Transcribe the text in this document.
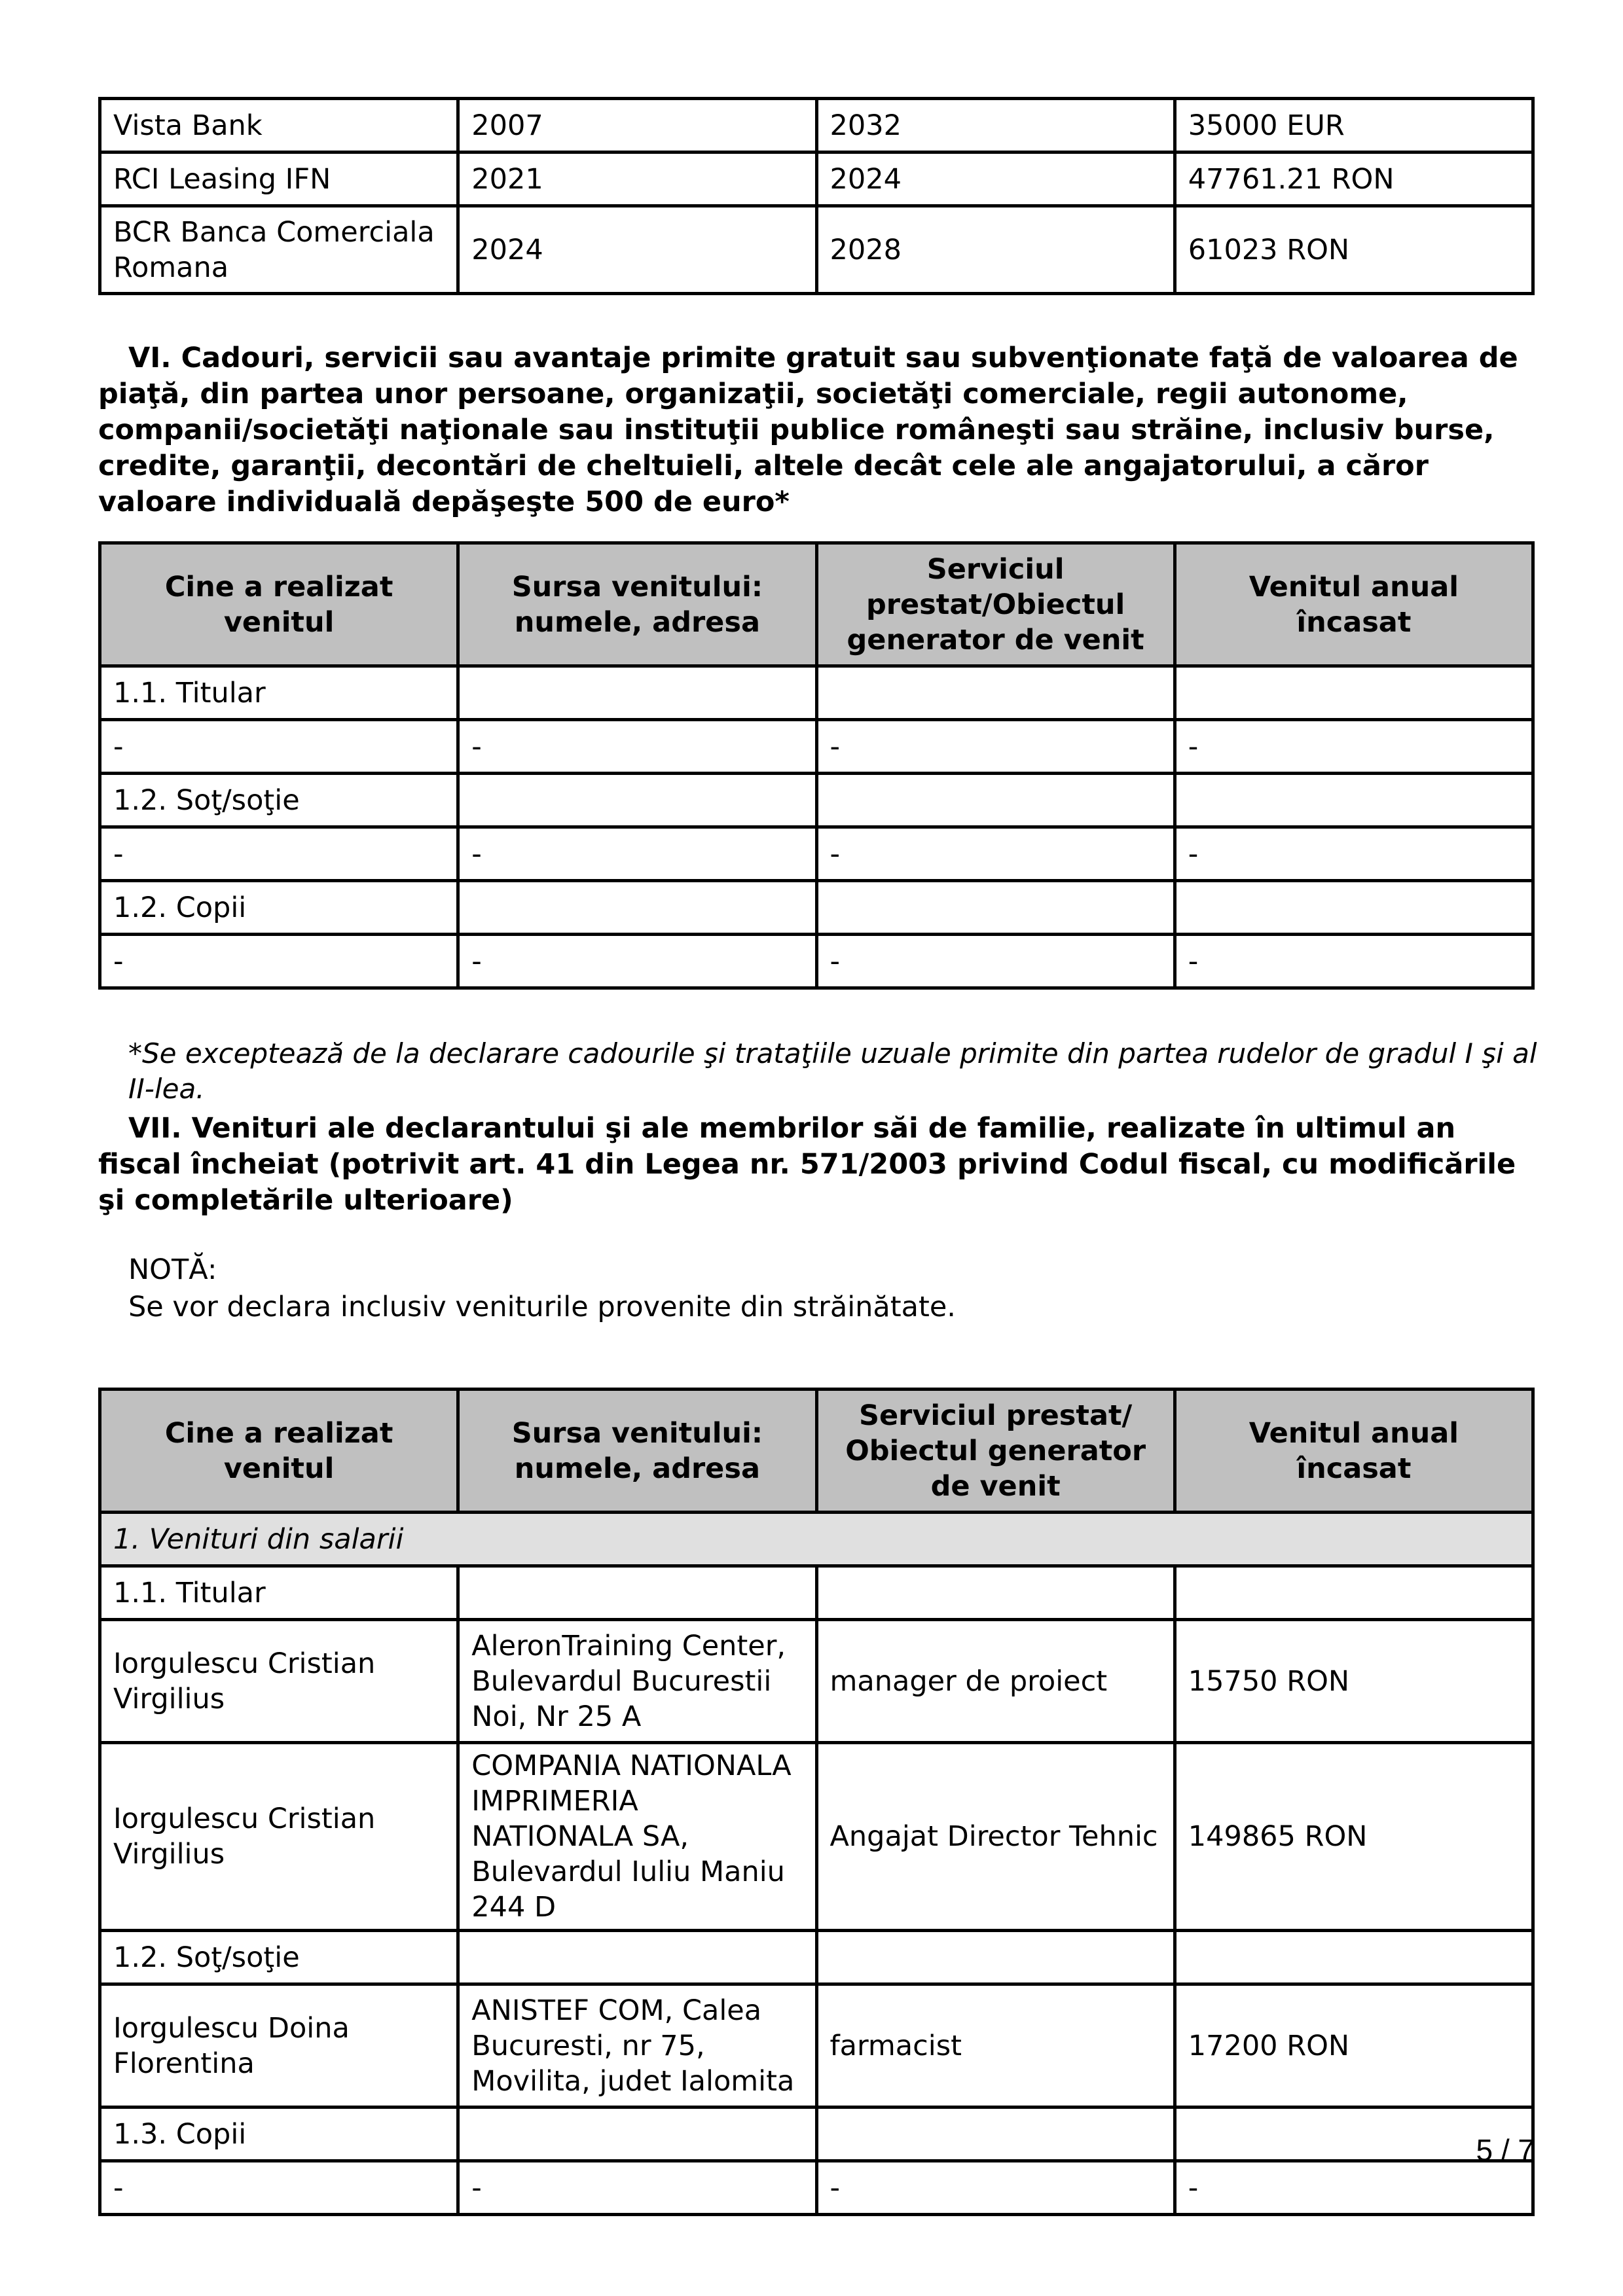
Vista Bank	2007	2032	35000 EUR
RCI Leasing IFN	2021	2024	47761.21 RON
BCR Banca Comerciala Romana	2024	2028	61023 RON

VI. Cadouri, servicii sau avantaje primite gratuit sau subvenţionate faţă de valoarea de piaţă, din partea unor persoane, organizaţii, societăţi comerciale, regii autonome, companii/societăţi naţionale sau instituţii publice româneşti sau străine, inclusiv burse, credite, garanţii, decontări de cheltuieli, altele decât cele ale angajatorului, a căror valoare individuală depăşeşte 500 de euro*

Cine a realizat venitul	Sursa venitului: numele, adresa	Serviciul prestat/Obiectul generator de venit	Venitul anual încasat
1.1. Titular			
-	-	-	-
1.2. Soţ/soţie			
-	-	-	-
1.2. Copii			
-	-	-	-

*Se exceptează de la declarare cadourile şi trataţiile uzuale primite din partea rudelor de gradul I şi al II-lea.

VII. Venituri ale declarantului şi ale membrilor săi de familie, realizate în ultimul an fiscal încheiat (potrivit art. 41 din Legea nr. 571/2003 privind Codul fiscal, cu modificările şi completările ulterioare)

NOTĂ:

Se vor declara inclusiv veniturile provenite din străinătate.

Cine a realizat venitul	Sursa venitului: numele, adresa	Serviciul prestat/ Obiectul generator de venit	Venitul anual încasat
1. Venituri din salarii			
1.1. Titular			
Iorgulescu Cristian Virgilius	AleronTraining Center, Bulevardul Bucurestii Noi, Nr 25 A	manager de proiect	15750 RON
Iorgulescu Cristian Virgilius	COMPANIA NATIONALA IMPRIMERIA NATIONALA SA, Bulevardul Iuliu Maniu 244 D	Angajat Director Tehnic	149865 RON
1.2. Soţ/soţie			
Iorgulescu Doina Florentina	ANISTEF COM, Calea Bucuresti, nr 75, Movilita, judet Ialomita	farmacist	17200 RON
1.3. Copii			
-	-	-	-
5 / 7
